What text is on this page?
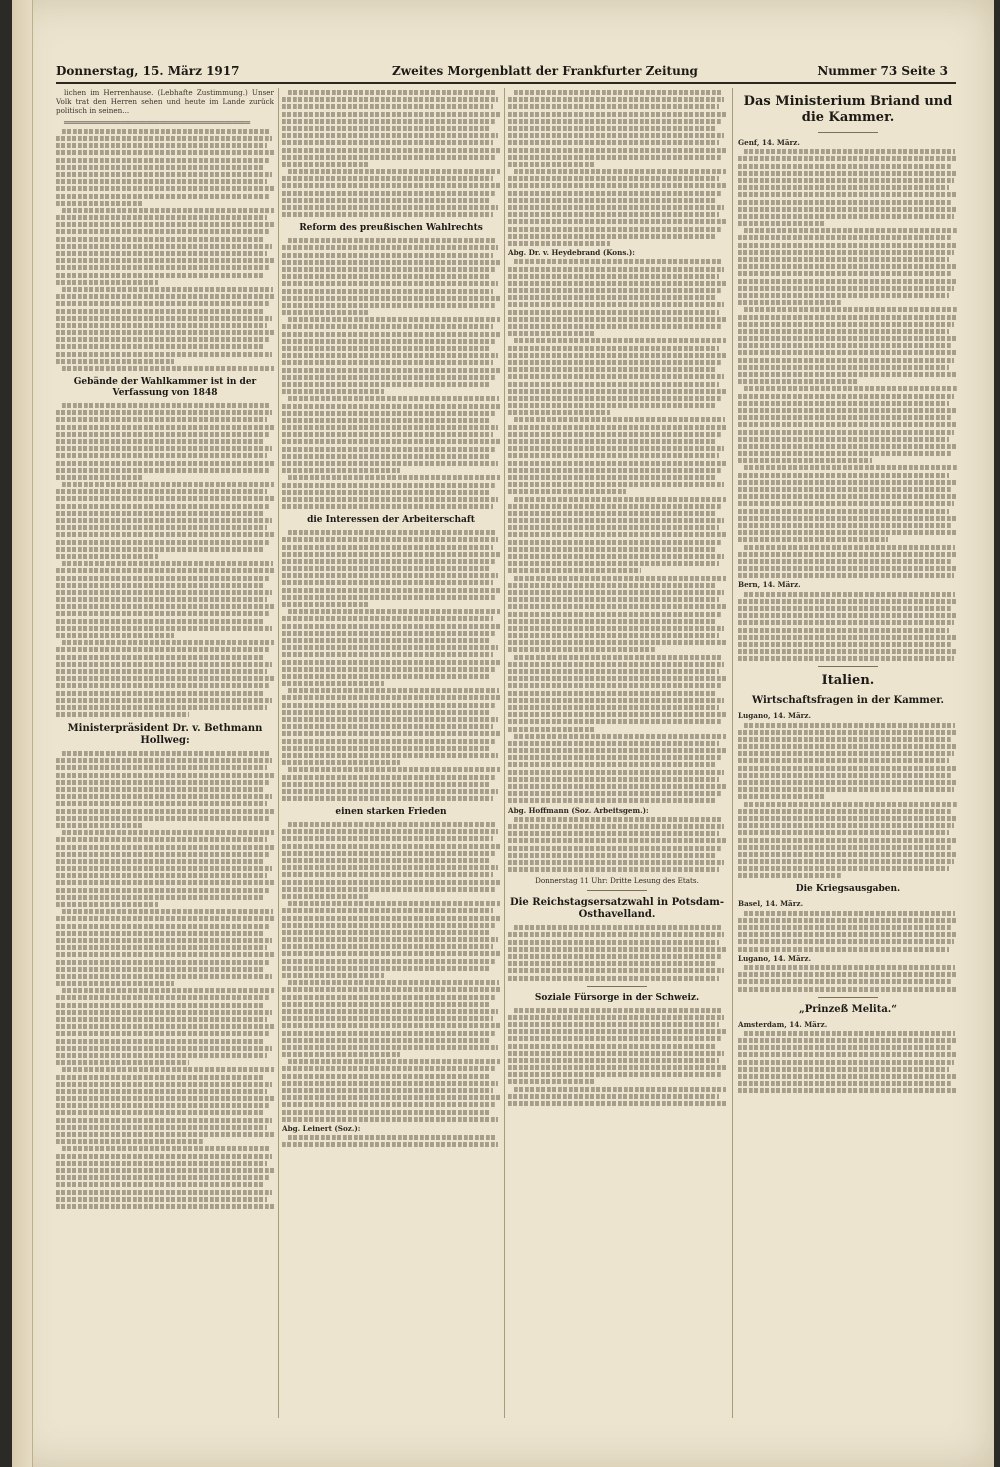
Donnerstag, 15. März 1917	Zweites Morgenblatt der Frankfurter Zeitung	Nummer 73 Seite 3

lichen im Herrenhause. (Lebhafte Zustimmung.) Unser Volk trat den Herren sehen und heute im Lande zurück politisch in seinen...

═══════════════════════════════════════════

Gebände der Wahlkammer ist in der Verfassung von 1848
Ministerpräsident Dr. v. Bethmann Hollweg:
Reform des preußischen Wahlrechts
die Interessen der Arbeiterschaft
einen starken Frieden

Abg. Leinert (Soz.):

Abg. Dr. v. Heydebrand (Kons.):

Abg. Hoffmann (Soz. Arbeitsgem.):

Donnerstag 11 Uhr: Dritte Lesung des Etats.

Die Reichstagsersatzwahl in Potsdam-Osthavelland.
Soziale Fürsorge in der Schweiz.
Das Ministerium Briand und die Kammer.

Genf, 14. März.

Bern, 14. März.

Italien.
Wirtschaftsfragen in der Kammer.

Lugano, 14. März.

Die Kriegsausgaben.

Basel, 14. März.

Lugano, 14. März.

„Prinzeß Melita.“

Amsterdam, 14. März.
